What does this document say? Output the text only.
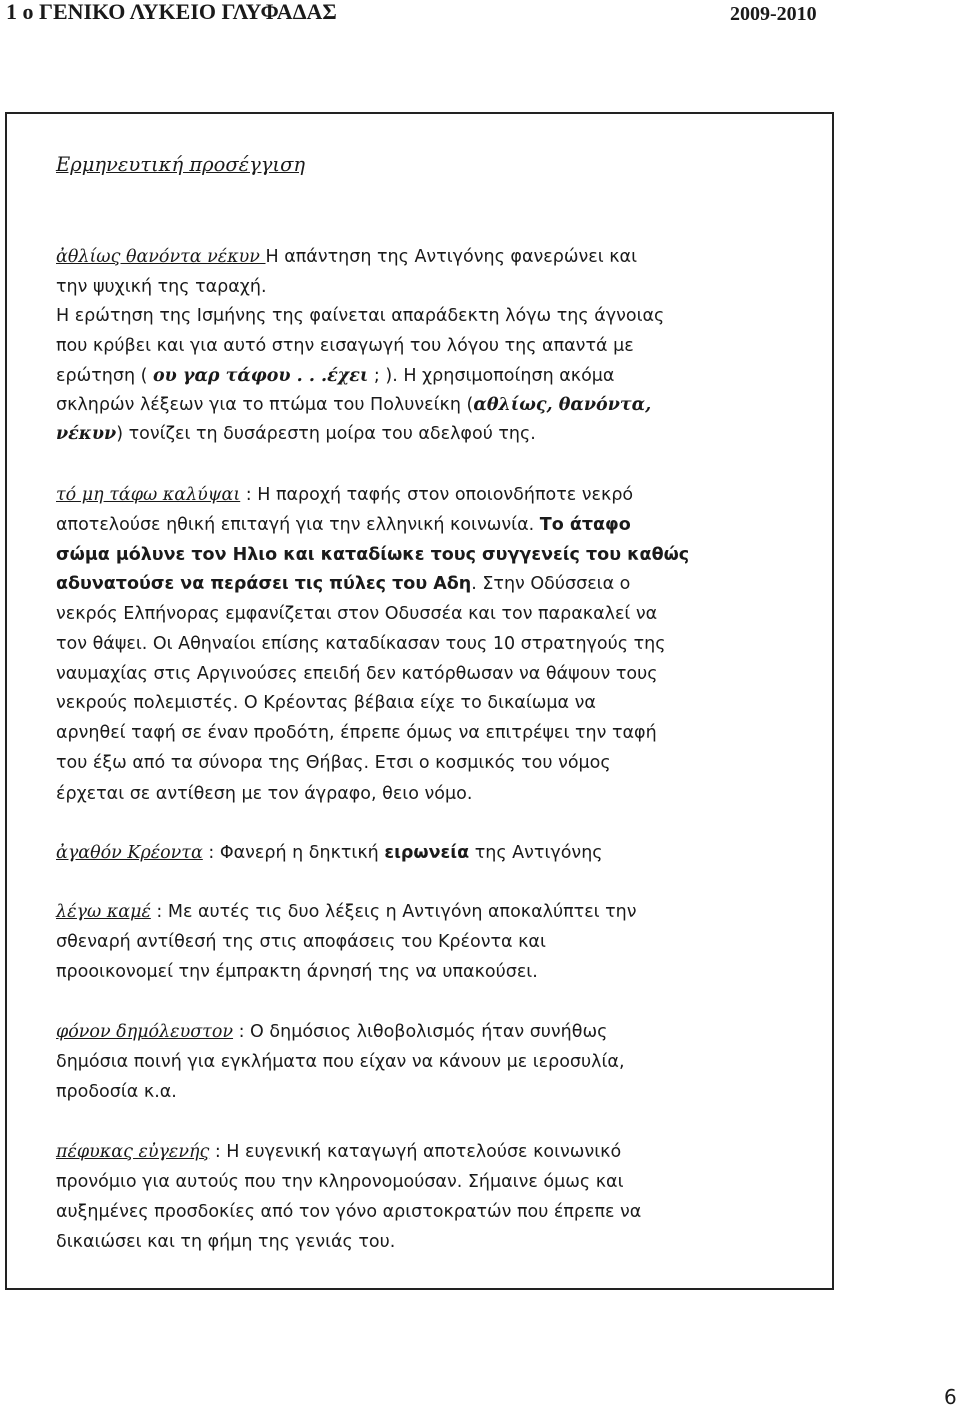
1 ο ΓΕΝΙΚΟ ΛΥΚΕΙΟ ΓΛΥΦΑΔΑΣ	2009-2010
Ερμηνευτική προσέγγιση
ἀθλίως θανόντα νέκυν Η απάντηση της Αντιγόνης φανερώνει και
την ψυχική της ταραχή.
Η ερώτηση της Ισμήνης της φαίνεται απαράδεκτη λόγω της άγνοιας
που κρύβει και για αυτό στην εισαγωγή του λόγου της απαντά με
ερώτηση ( ου γαρ τάφου . . .έχει ; ). Η χρησιμοποίηση ακόμα
σκληρών λέξεων για το πτώμα του Πολυνείκη (αθλίως, θανόντα,
νέκυν) τονίζει τη δυσάρεστη μοίρα του αδελφού της.
τό μη τάφω καλύψαι : Η παροχή ταφής στον οποιονδήποτε νεκρό
αποτελούσε ηθική επιταγή για την ελληνική κοινωνία. Το άταφο
σώμα μόλυνε τον Ηλιο και καταδίωκε τους συγγενείς του καθώς
αδυνατούσε να περάσει τις πύλες του Αδη. Στην Οδύσσεια ο
νεκρός Ελπήνορας εμφανίζεται στον Οδυσσέα και τον παρακαλεί να
τον θάψει. Οι Αθηναίοι επίσης καταδίκασαν τους 10 στρατηγούς της
ναυμαχίας στις Αργινούσες επειδή δεν κατόρθωσαν να θάψουν τους
νεκρούς πολεμιστές. Ο Κρέοντας βέβαια είχε το δικαίωμα να
αρνηθεί ταφή σε έναν προδότη, έπρεπε όμως να επιτρέψει την ταφή
του έξω από τα σύνορα της Θήβας. Ετσι ο κοσμικός του νόμος
έρχεται σε αντίθεση με τον άγραφο, θειο νόμο.
ἀγαθόν Κρέοντα : Φανερή η δηκτική ειρωνεία της Αντιγόνης
λέγω καμέ : Με αυτές τις δυο λέξεις η Αντιγόνη αποκαλύπτει την
σθεναρή αντίθεσή της στις αποφάσεις του Κρέοντα και
προοικονομεί την έμπρακτη άρνησή της να υπακούσει.
φόνον δημόλευστον : Ο δημόσιος λιθοβολισμός ήταν συνήθως
δημόσια ποινή για εγκλήματα που είχαν να κάνουν με ιεροσυλία,
προδοσία κ.α.
πέφυκας εὐγενής : Η ευγενική καταγωγή αποτελούσε κοινωνικό
προνόμιο για αυτούς που την κληρονομούσαν. Σήμαινε όμως και
αυξημένες προσδοκίες από τον γόνο αριστοκρατών που έπρεπε να
δικαιώσει και τη φήμη της γενιάς του.
6
